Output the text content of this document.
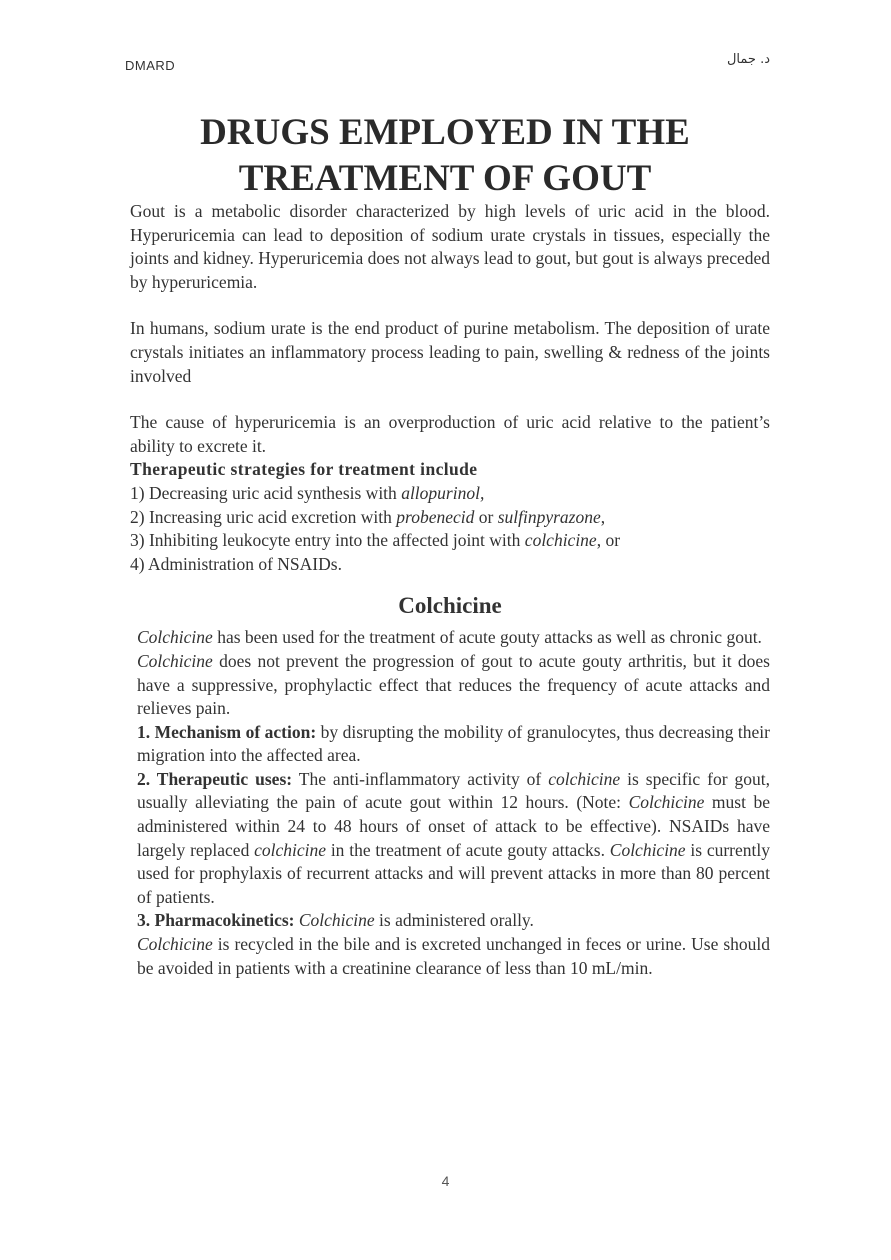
DMARD	د. جمال
DRUGS EMPLOYED IN THE
TREATMENT OF GOUT

Gout is a metabolic disorder characterized by high levels of uric acid in the blood. Hyperuricemia can lead to deposition of sodium urate crystals in tissues, especially the joints and kidney. Hyperuricemia does not always lead to gout, but gout is always preceded by hyperuricemia.

In humans, sodium urate is the end product of purine metabolism. The deposition of urate crystals initiates an inflammatory process leading to pain, swelling & redness of the joints involved

The cause of hyperuricemia is an overproduction of uric acid relative to the patient’s ability to excrete it.

Therapeutic strategies for treatment include

1) Decreasing uric acid synthesis with allopurinol,

2) Increasing uric acid excretion with probenecid or sulfinpyrazone,

3) Inhibiting leukocyte entry into the affected joint with colchicine, or

4) Administration of NSAIDs.

Colchicine

Colchicine has been used for the treatment of acute gouty attacks as well as chronic gout.

Colchicine does not prevent the progression of gout to acute gouty arthritis, but it does have a suppressive, prophylactic effect that reduces the frequency of acute attacks and relieves pain.

1. Mechanism of action: by disrupting the mobility of granulocytes, thus decreasing their migration into the affected area.

2. Therapeutic uses: The anti-inflammatory activity of colchicine is specific for gout, usually alleviating the pain of acute gout within 12 hours. (Note: Colchicine must be administered within 24 to 48 hours of onset of attack to be effective). NSAIDs have largely replaced colchicine in the treatment of acute gouty attacks. Colchicine is currently used for prophylaxis of recurrent attacks and will prevent attacks in more than 80 percent of patients.

3. Pharmacokinetics: Colchicine is administered orally.

Colchicine is recycled in the bile and is excreted unchanged in feces or urine. Use should be avoided in patients with a creatinine clearance of less than 10 mL/min.

4
